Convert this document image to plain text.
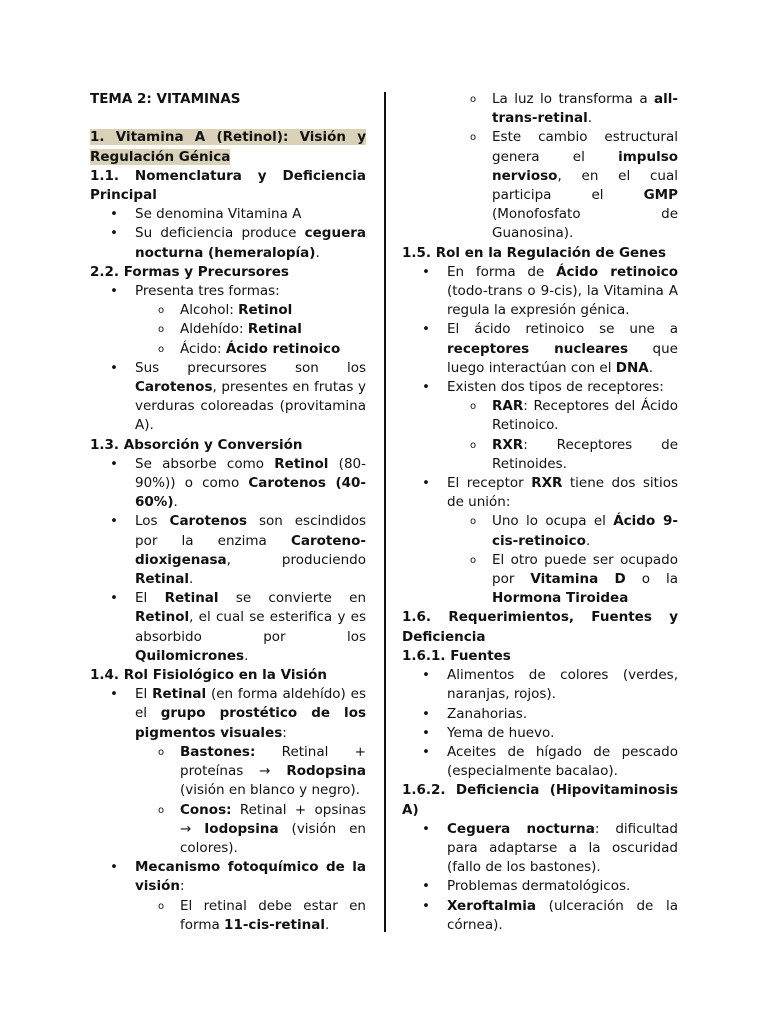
TEMA 2: VITAMINAS
1. Vitamina A (Retinol): Visión y Regulación Génica
1.1. Nomenclatura y Deficiencia Principal
• Se denomina Vitamina A
• Su deficiencia produce ceguera nocturna (hemeralopía).
2.2. Formas y Precursores
• Presenta tres formas:
o Alcohol: Retinol
o Aldehído: Retinal
o Ácido: Ácido retinoico
• Sus precursores son los Carotenos, presentes en frutas y verduras coloreadas (provitamina A).
1.3. Absorción y Conversión
• Se absorbe como Retinol (80-90%)) o como Carotenos (40-60%).
• Los Carotenos son escindidos por la enzima Caroteno-dioxigenasa, produciendo Retinal.
• El Retinal se convierte en Retinol, el cual se esterifica y es absorbido por los Quilomicrones.
1.4. Rol Fisiológico en la Visión
• El Retinal (en forma aldehído) es el grupo prostético de los pigmentos visuales:
o Bastones: Retinal + proteínas → Rodopsina (visión en blanco y negro).
o Conos: Retinal + opsinas → Iodopsina (visión en colores).
• Mecanismo fotoquímico de la visión:
o El retinal debe estar en forma 11-cis-retinal.
o La luz lo transforma a all-trans-retinal.
o Este cambio estructural genera el impulso nervioso, en el cual participa el GMP (Monofosfato de Guanosina).
1.5. Rol en la Regulación de Genes
• En forma de Ácido retinoico (todo-trans o 9-cis), la Vitamina A regula la expresión génica.
• El ácido retinoico se une a receptores nucleares que luego interactúan con el DNA.
• Existen dos tipos de receptores:
o RAR: Receptores del Ácido Retinoico.
o RXR: Receptores de Retinoides.
• El receptor RXR tiene dos sitios de unión:
o Uno lo ocupa el Ácido 9-cis-retinoico.
o El otro puede ser ocupado por Vitamina D o la Hormona Tiroidea
1.6. Requerimientos, Fuentes y Deficiencia
1.6.1. Fuentes
• Alimentos de colores (verdes, naranjas, rojos).
• Zanahorias.
• Yema de huevo.
• Aceites de hígado de pescado (especialmente bacalao).
1.6.2. Deficiencia (Hipovitaminosis A)
• Ceguera nocturna: dificultad para adaptarse a la oscuridad (fallo de los bastones).
• Problemas dermatológicos.
• Xeroftalmia (ulceración de la córnea).
